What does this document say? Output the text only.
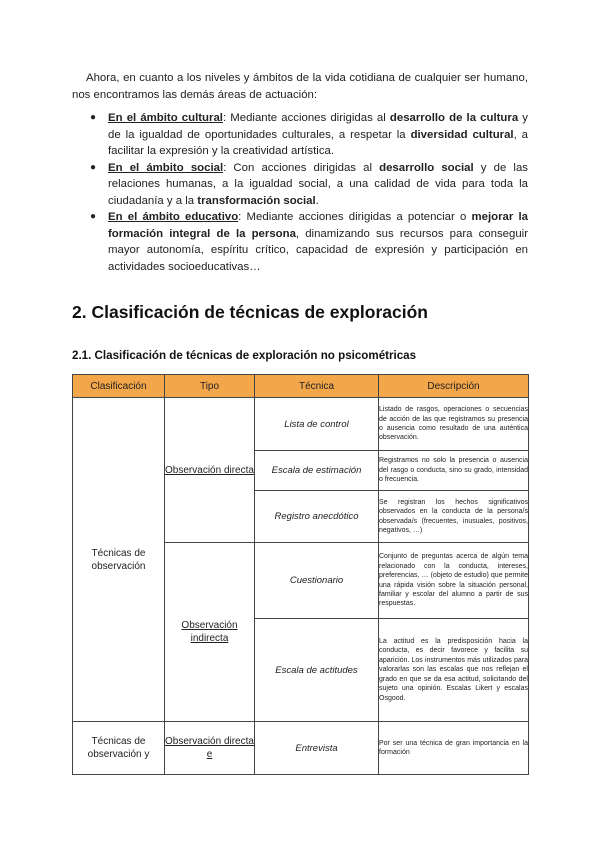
Ahora, en cuanto a los niveles y ámbitos de la vida cotidiana de cualquier ser humano, nos encontramos las demás áreas de actuación:

● En el ámbito cultural: Mediante acciones dirigidas al desarrollo de la cultura y de la igualdad de oportunidades culturales, a respetar la diversidad cultural, a facilitar la expresión y la creatividad artística.
● En el ámbito social: Con acciones dirigidas al desarrollo social y de las relaciones humanas, a la igualdad social, a una calidad de vida para toda la ciudadanía y a la transformación social.
● En el ámbito educativo: Mediante acciones dirigidas a potenciar o mejorar la formación integral de la persona, dinamizando sus recursos para conseguir mayor autonomía, espíritu crítico, capacidad de expresión y participación en actividades socioeducativas…
2. Clasificación de técnicas de exploración
2.1. Clasificación de técnicas de exploración no psicométricas
Clasificación	Tipo	Técnica	Descripción
Técnicas de observación	Observación directa	Lista de control	Listado de rasgos, operaciones o secuencias de acción de las que registramos su presencia o ausencia como resultado de una auténtica observación.
		Escala de estimación	Registramos no solo la presencia o ausencia del rasgo o conducta, sino su grado, intensidad o frecuencia.
		Registro anecdótico	Se registran los hechos significativos observados en la conducta de la persona/s observada/s (frecuentes, inusuales, positivos, negativos, …)
	Observación indirecta	Cuestionario	Conjunto de preguntas acerca de algún tema relacionado con la conducta, intereses, preferencias, … (objeto de estudio) que permite una rápida visión sobre la situación personal, familiar y escolar del alumno a partir de sus respuestas.
		Escala de actitudes	La actitud es la predisposición hacia la conducta, es decir favorece y facilita su aparición. Los instrumentos más utilizados para valorarlas son las escalas que nos reflejan el grado en que se da esa actitud, solicitando del sujeto una opinión. Escalas Likert y escalas Osgood.
Técnicas de observación y	Observación directa e	Entrevista	Por ser una técnica de gran importancia en la formación
